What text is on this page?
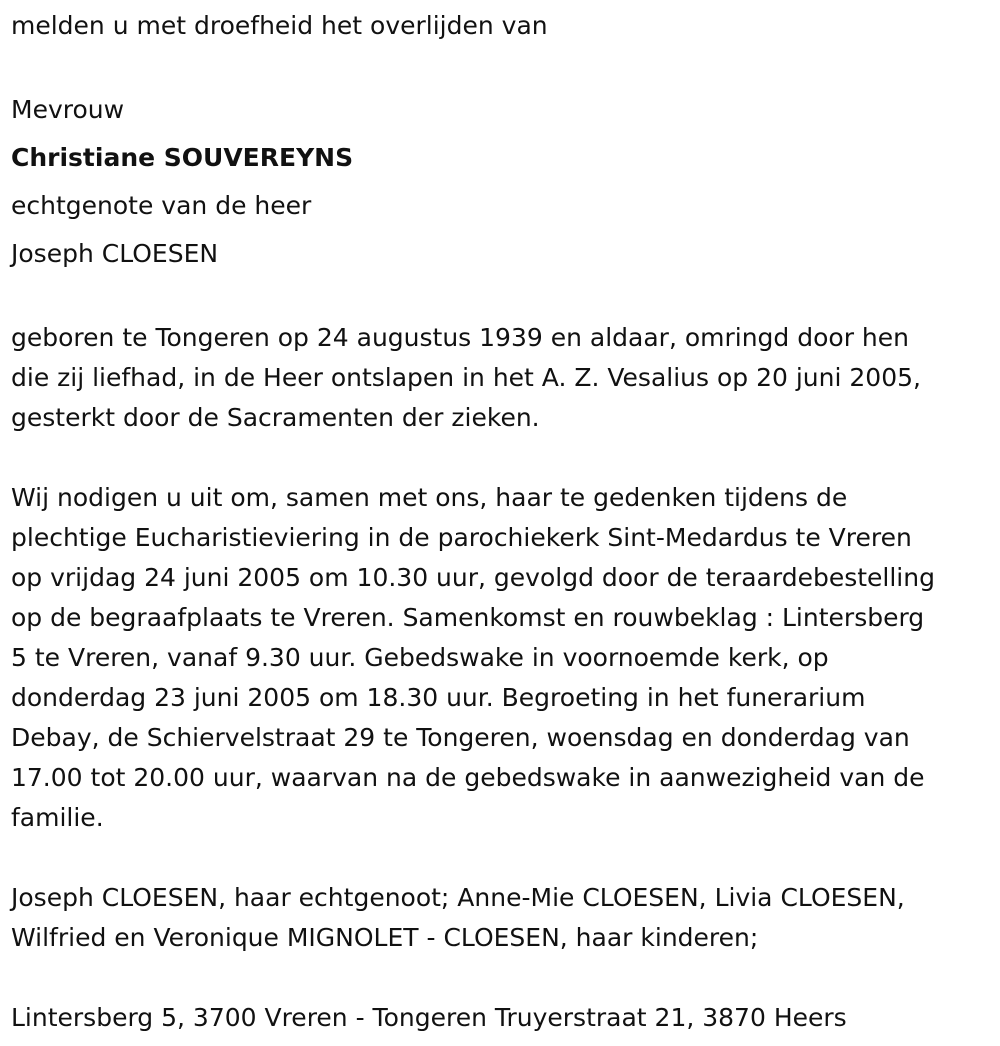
melden u met droefheid het overlijden van

Mevrouw

Christiane SOUVEREYNS

echtgenote van de heer

Joseph CLOESEN

geboren te Tongeren op 24 augustus 1939 en aldaar, omringd door hen

die zij liefhad, in de Heer ontslapen in het A. Z. Vesalius op 20 juni 2005,

gesterkt door de Sacramenten der zieken.

Wij nodigen u uit om, samen met ons, haar te gedenken tijdens de

plechtige Eucharistieviering in de parochiekerk Sint-Medardus te Vreren

op vrijdag 24 juni 2005 om 10.30 uur, gevolgd door de teraardebestelling

op de begraafplaats te Vreren. Samenkomst en rouwbeklag : Lintersberg

5 te Vreren, vanaf 9.30 uur. Gebedswake in voornoemde kerk, op

donderdag 23 juni 2005 om 18.30 uur. Begroeting in het funerarium

Debay, de Schiervelstraat 29 te Tongeren, woensdag en donderdag van

17.00 tot 20.00 uur, waarvan na de gebedswake in aanwezigheid van de

familie.

Joseph CLOESEN, haar echtgenoot; Anne-Mie CLOESEN, Livia CLOESEN,

Wilfried en Veronique MIGNOLET - CLOESEN, haar kinderen;

Lintersberg 5, 3700 Vreren - Tongeren Truyerstraat 21, 3870 Heers
